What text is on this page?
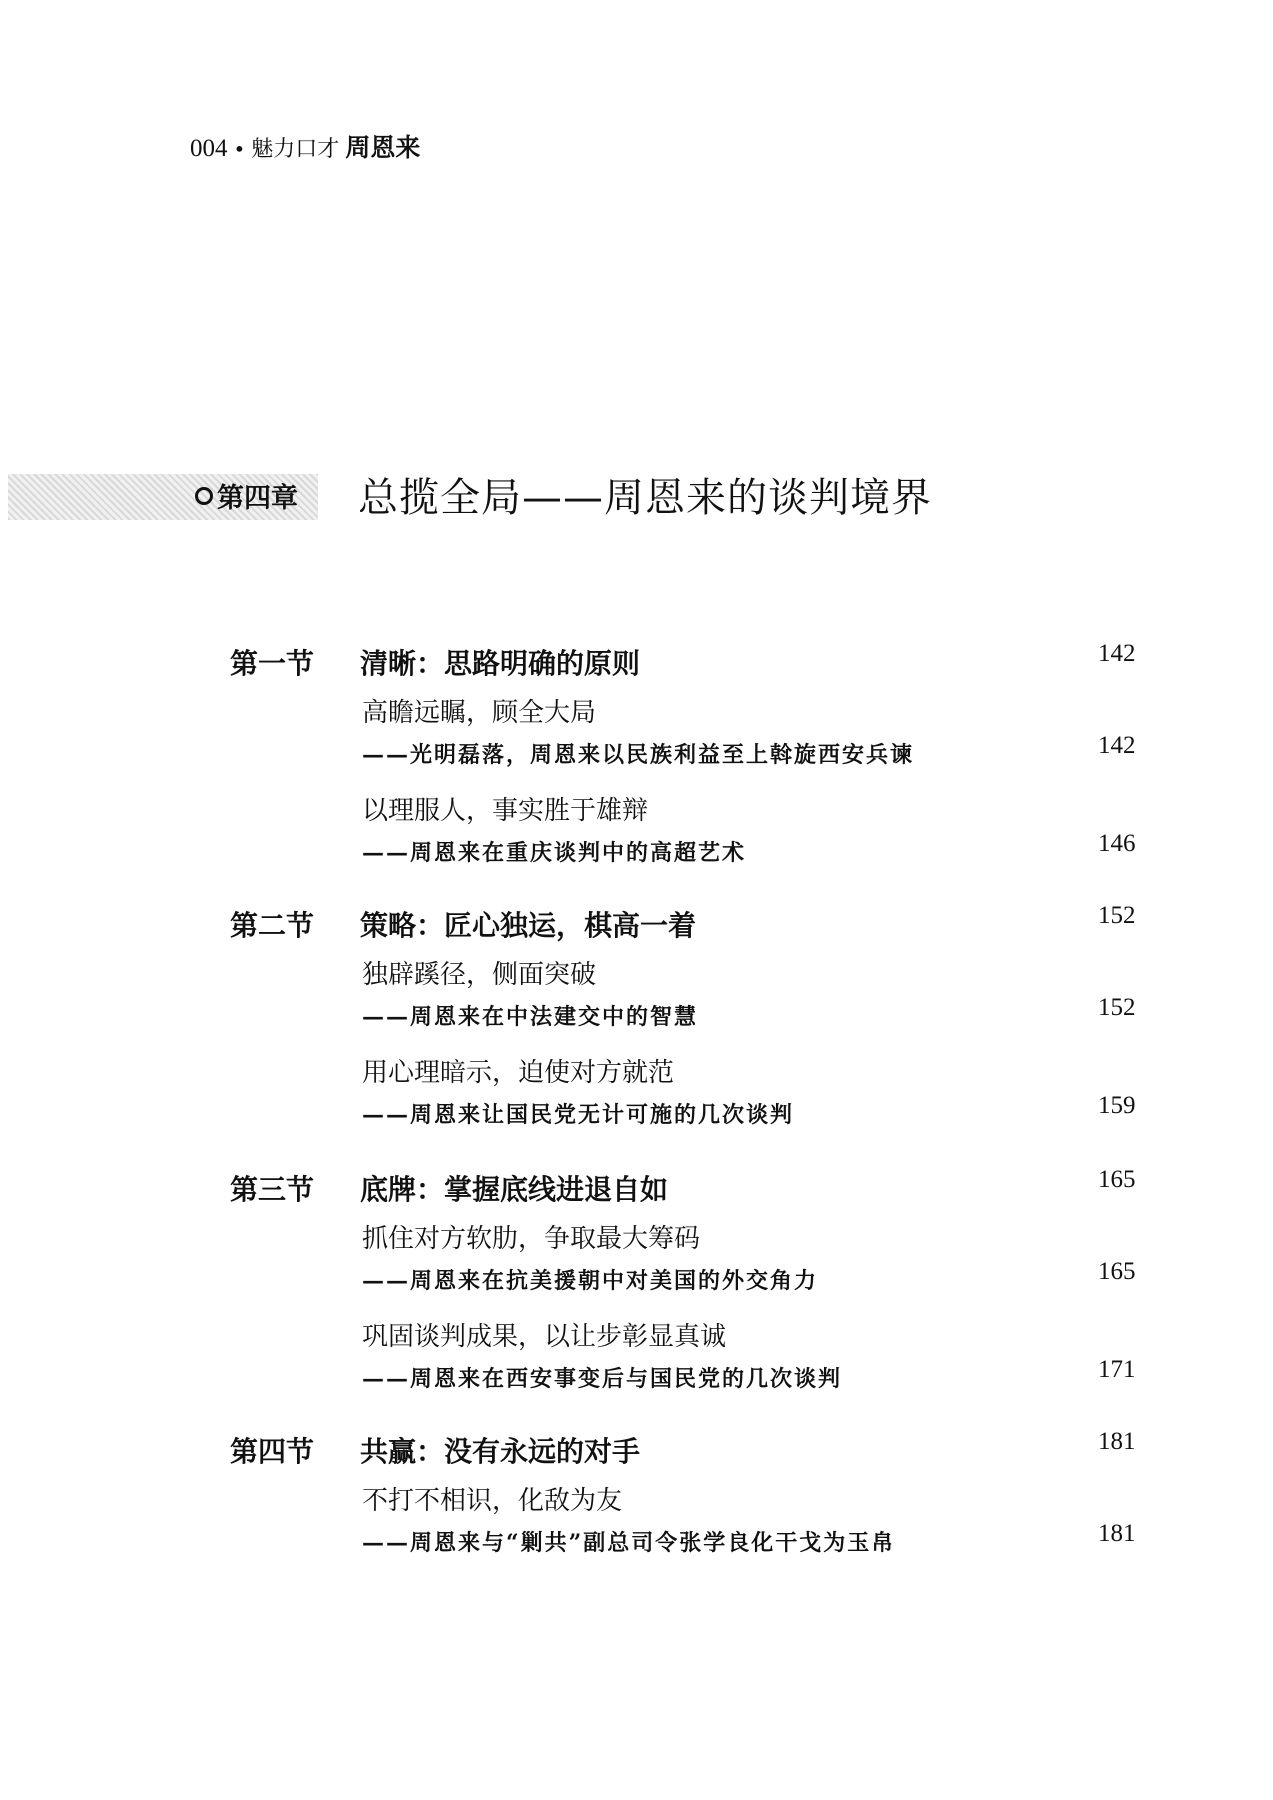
004 • 魅力口才 周恩来
第四章 总揽全局——周恩来的谈判境界
第一节 清晰：思路明确的原则	142
高瞻远瞩，顾全大局
——光明磊落，周恩来以民族利益至上斡旋西安兵谏	142
以理服人，事实胜于雄辩
——周恩来在重庆谈判中的高超艺术	146
第二节 策略：匠心独运，棋高一着	152
独辟蹊径，侧面突破
——周恩来在中法建交中的智慧	152
用心理暗示，迫使对方就范
——周恩来让国民党无计可施的几次谈判	159
第三节 底牌：掌握底线进退自如	165
抓住对方软肋，争取最大筹码
——周恩来在抗美援朝中对美国的外交角力	165
巩固谈判成果，以让步彰显真诚
——周恩来在西安事变后与国民党的几次谈判	171
第四节 共赢：没有永远的对手	181
不打不相识，化敌为友
——周恩来与“剿共”副总司令张学良化干戈为玉帛	181
